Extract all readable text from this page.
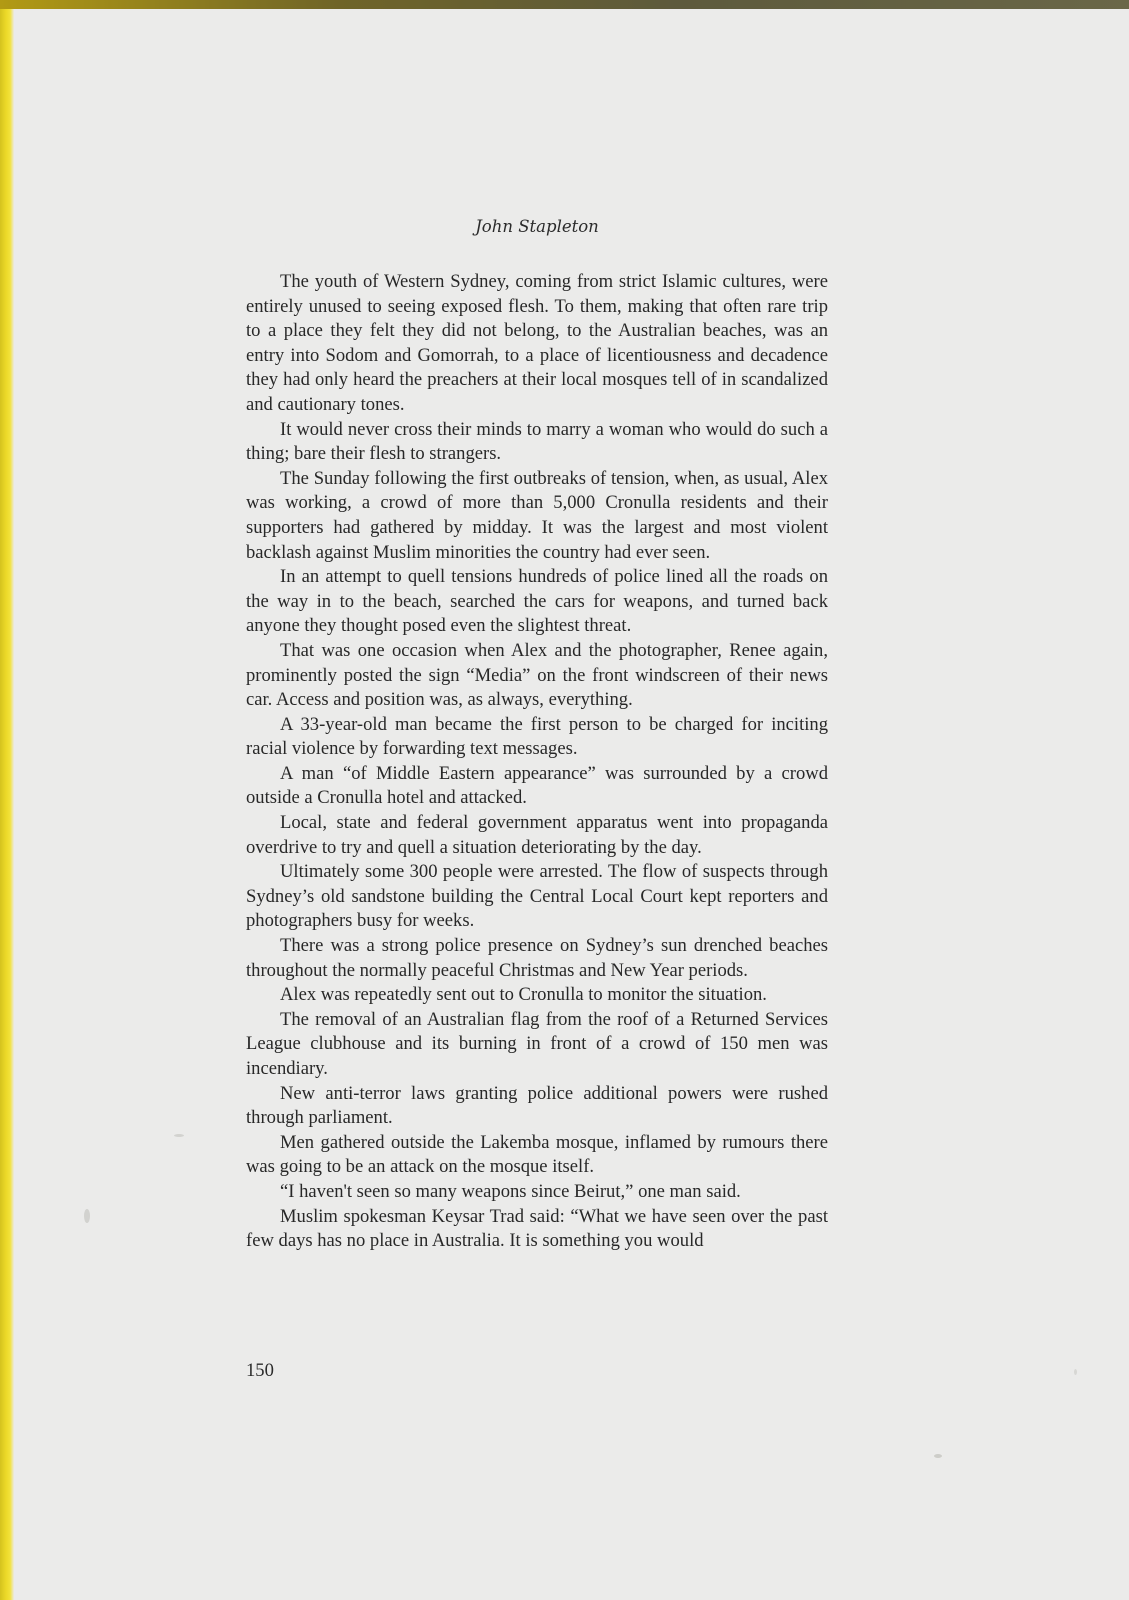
John Stapleton

The youth of Western Sydney, coming from strict Islamic cultures, were entirely unused to seeing exposed flesh. To them, making that often rare trip to a place they felt they did not belong, to the Australian beaches, was an entry into Sodom and Gomorrah, to a place of licentiousness and decadence they had only heard the preachers at their local mosques tell of in scandalized and cautionary tones.

It would never cross their minds to marry a woman who would do such a thing; bare their flesh to strangers.

The Sunday following the first outbreaks of tension, when, as usual, Alex was working, a crowd of more than 5,000 Cronulla residents and their supporters had gathered by midday. It was the largest and most violent backlash against Muslim minorities the country had ever seen.

In an attempt to quell tensions hundreds of police lined all the roads on the way in to the beach, searched the cars for weapons, and turned back anyone they thought posed even the slightest threat.

That was one occasion when Alex and the photographer, Renee again, prominently posted the sign “Media” on the front windscreen of their news car. Access and position was, as always, everything.

A 33-year-old man became the first person to be charged for inciting racial violence by forwarding text messages.

A man “of Middle Eastern appearance” was surrounded by a crowd outside a Cronulla hotel and attacked.

Local, state and federal government apparatus went into propaganda overdrive to try and quell a situation deteriorating by the day.

Ultimately some 300 people were arrested. The flow of suspects through Sydney’s old sandstone building the Central Local Court kept reporters and photographers busy for weeks.

There was a strong police presence on Sydney’s sun drenched beaches throughout the normally peaceful Christmas and New Year periods.

Alex was repeatedly sent out to Cronulla to monitor the situation.

The removal of an Australian flag from the roof of a Returned Services League clubhouse and its burning in front of a crowd of 150 men was incendiary.

New anti-terror laws granting police additional powers were rushed through parliament.

Men gathered outside the Lakemba mosque, inflamed by rumours there was going to be an attack on the mosque itself.

“I haven't seen so many weapons since Beirut,” one man said.

Muslim spokesman Keysar Trad said: “What we have seen over the past few days has no place in Australia. It is something you would

150
